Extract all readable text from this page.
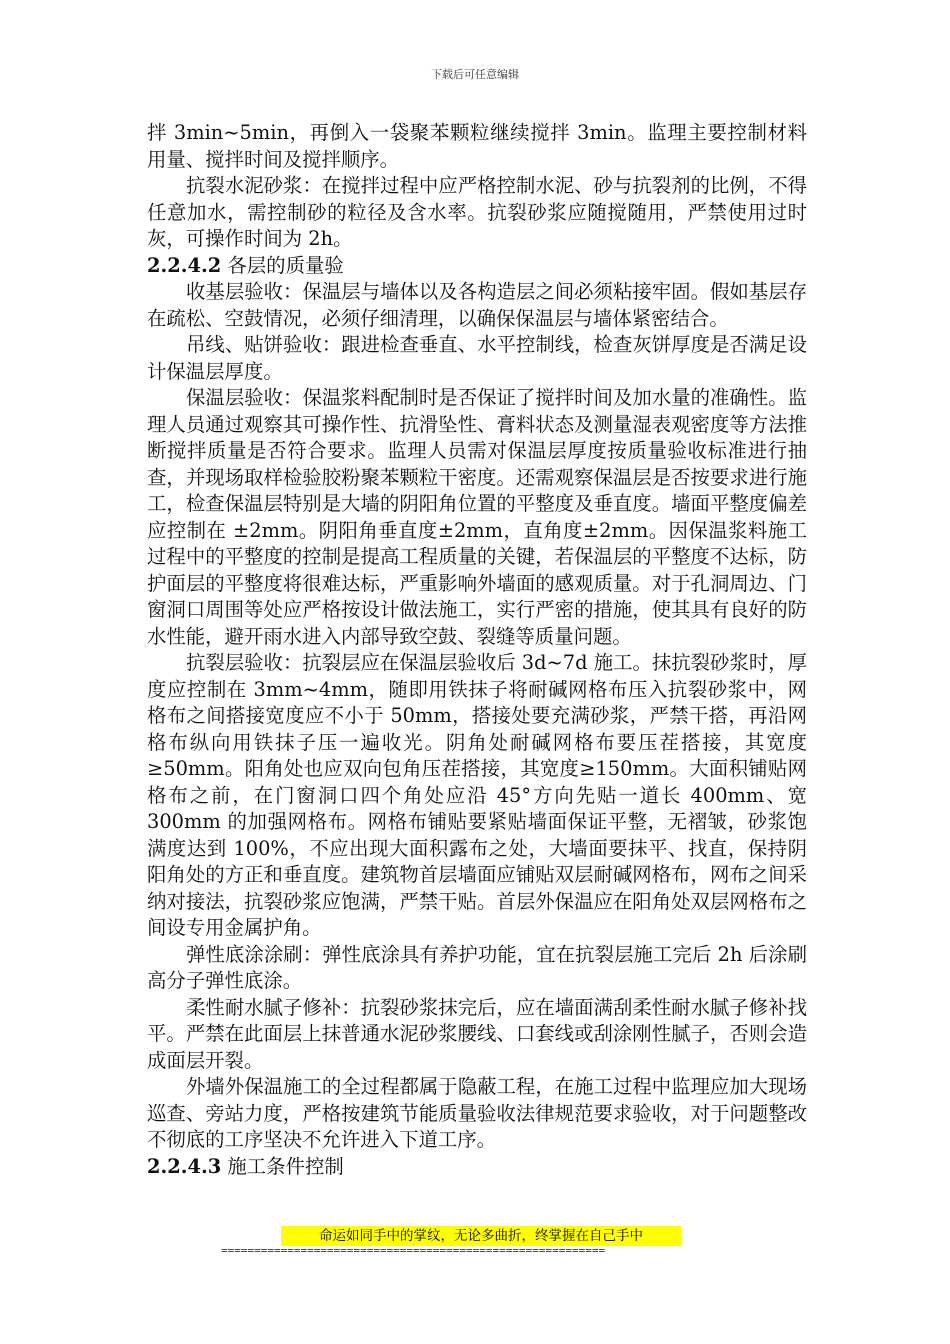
下载后可任意编辑

拌 3min~5min，再倒入一袋聚苯颗粒继续搅拌 3min。监理主要控制材料用量、搅拌时间及搅拌顺序。

抗裂水泥砂浆：在搅拌过程中应严格控制水泥、砂与抗裂剂的比例，不得任意加水，需控制砂的粒径及含水率。抗裂砂浆应随搅随用，严禁使用过时灰，可操作时间为 2h。

2.2.4.2 各层的质量验

收基层验收：保温层与墙体以及各构造层之间必须粘接牢固。假如基层存在疏松、空鼓情况，必须仔细清理，以确保保温层与墙体紧密结合。

吊线、贴饼验收：跟进检查垂直、水平控制线，检查灰饼厚度是否满足设计保温层厚度。

保温层验收：保温浆料配制时是否保证了搅拌时间及加水量的准确性。监理人员通过观察其可操作性、抗滑坠性、膏料状态及测量湿表观密度等方法推断搅拌质量是否符合要求。监理人员需对保温层厚度按质量验收标准进行抽查，并现场取样检验胶粉聚苯颗粒干密度。还需观察保温层是否按要求进行施工，检查保温层特别是大墙的阴阳角位置的平整度及垂直度。墙面平整度偏差应控制在 ±2mm。阴阳角垂直度±2mm，直角度±2mm。因保温浆料施工过程中的平整度的控制是提高工程质量的关键，若保温层的平整度不达标，防护面层的平整度将很难达标，严重影响外墙面的感观质量。对于孔洞周边、门窗洞口周围等处应严格按设计做法施工，实行严密的措施，使其具有良好的防水性能，避开雨水进入内部导致空鼓、裂缝等质量问题。

抗裂层验收：抗裂层应在保温层验收后 3d~7d 施工。抹抗裂砂浆时，厚度应控制在 3mm~4mm，随即用铁抹子将耐碱网格布压入抗裂砂浆中，网格布之间搭接宽度应不小于 50mm，搭接处要充满砂浆，严禁干搭，再沿网格布纵向用铁抹子压一遍收光。阴角处耐碱网格布要压茬搭接，其宽度≥50mm。阳角处也应双向包角压茬搭接，其宽度≥150mm。大面积铺贴网格布之前，在门窗洞口四个角处应沿 45°方向先贴一道长 400mm、宽 300mm 的加强网格布。网格布铺贴要紧贴墙面保证平整，无褶皱，砂浆饱满度达到 100%，不应出现大面积露布之处，大墙面要抹平、找直，保持阴阳角处的方正和垂直度。建筑物首层墙面应铺贴双层耐碱网格布，网布之间采纳对接法，抗裂砂浆应饱满，严禁干贴。首层外保温应在阳角处双层网格布之间设专用金属护角。

弹性底涂涂刷：弹性底涂具有养护功能，宜在抗裂层施工完后 2h 后涂刷高分子弹性底涂。

柔性耐水腻子修补：抗裂砂浆抹完后，应在墙面满刮柔性耐水腻子修补找平。严禁在此面层上抹普通水泥砂浆腰线、口套线或刮涂刚性腻子，否则会造成面层开裂。

外墙外保温施工的全过程都属于隐蔽工程，在施工过程中监理应加大现场巡查、旁站力度，严格按建筑节能质量验收法律规范要求验收，对于问题整改不彻底的工序坚决不允许进入下道工序。

2.2.4.3 施工条件控制

命运如同手中的掌纹，无论多曲折，终掌握在自己手中
==========================================================
